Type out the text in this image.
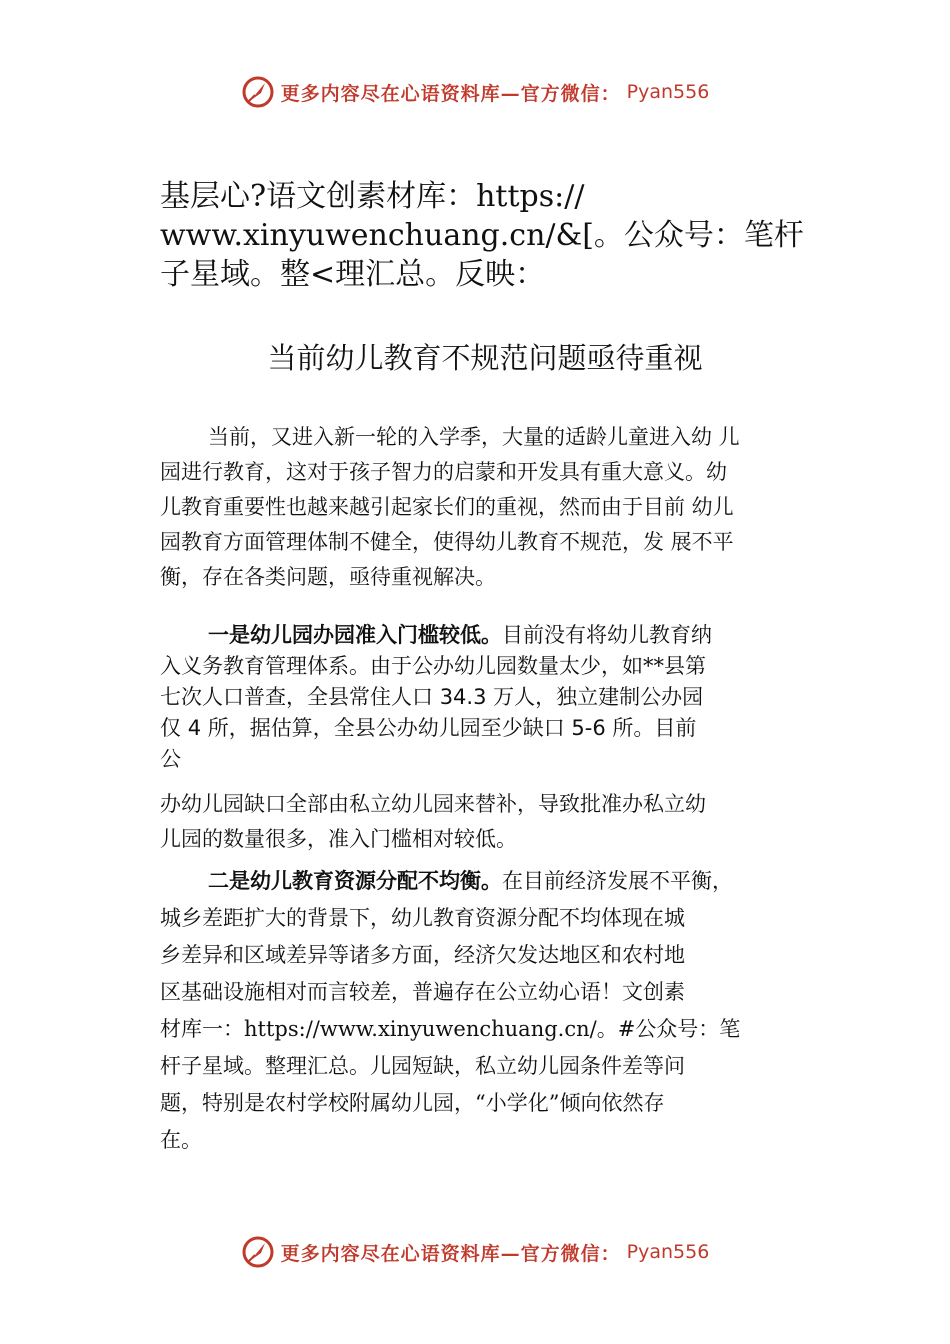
更多内容尽在心语资料库—官方微信： Pyan556
基层心?语文创素材库：https://
www.xinyuwenchuang.cn/&[。公众号：笔杆
子星域。整<理汇总。反映：
当前幼儿教育不规范问题亟待重视
当前，又进入新一轮的入学季，大量的适龄儿童进入幼 儿
园进行教育，这对于孩子智力的启蒙和开发具有重大意义。幼
儿教育重要性也越来越引起家长们的重视，然而由于目前 幼儿
园教育方面管理体制不健全，使得幼儿教育不规范，发 展不平
衡，存在各类问题，亟待重视解决。
一是幼儿园办园准入门槛较低。目前没有将幼儿教育纳
入义务教育管理体系。由于公办幼儿园数量太少，如**县第
七次人口普查，全县常住人口 34.3 万人，独立建制公办园
仅 4 所，据估算，全县公办幼儿园至少缺口 5-6 所。目前
公
办幼儿园缺口全部由私立幼儿园来替补，导致批准办私立幼
儿园的数量很多，准入门槛相对较低。
二是幼儿教育资源分配不均衡。在目前经济发展不平衡，
城乡差距扩大的背景下，幼儿教育资源分配不均体现在城
乡差异和区域差异等诸多方面，经济欠发达地区和农村地
区基础设施相对而言较差，普遍存在公立幼心语！文创素
材库一：https://www.xinyuwenchuang.cn/。#公众号：笔
杆子星域。整理汇总。儿园短缺，私立幼儿园条件差等问
题，特别是农村学校附属幼儿园，“小学化”倾向依然存
在。
更多内容尽在心语资料库—官方微信： Pyan556
